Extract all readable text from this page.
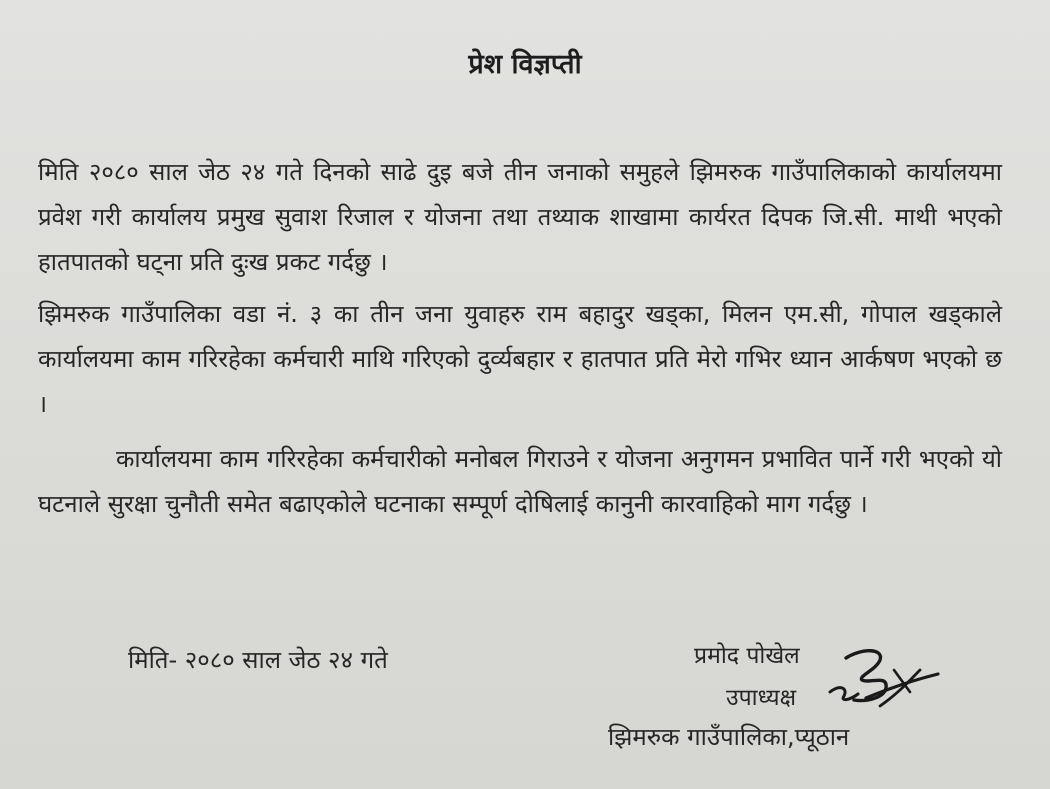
प्रेश विज्ञप्ती

मिति २०८० साल जेठ २४ गते दिनको साढे दुइ बजे तीन जनाको समुहले झिमरुक गाउँपालिकाको कार्यालयमा प्रवेश गरी कार्यालय प्रमुख सुवाश रिजाल र योजना तथा तथ्याक शाखामा कार्यरत दिपक जि.सी. माथी भएको हातपातको घट्ना प्रति दुःख प्रकट गर्दछु ।

झिमरुक गाउँपालिका वडा नं. ३ का तीन जना युवाहरु राम बहादुर खड्का, मिलन एम.सी, गोपाल खड्काले कार्यालयमा काम गरिरहेका कर्मचारी माथि गरिएको दुर्व्यबहार र हातपात प्रति मेरो गभिर ध्यान आर्कषण भएको छ ।

कार्यालयमा काम गरिरहेका कर्मचारीको मनोबल गिराउने र योजना अनुगमन प्रभावित पार्ने गरी भएको यो घटनाले सुरक्षा चुनौती समेत बढाएकोले घटनाका सम्पूर्ण दोषिलाई कानुनी कारवाहिको माग गर्दछु ।

मिति- २०८० साल जेठ २४ गते	प्रमोद पोखेल
उपाध्यक्ष
झिमरुक गाउँपालिका,प्यूठान
